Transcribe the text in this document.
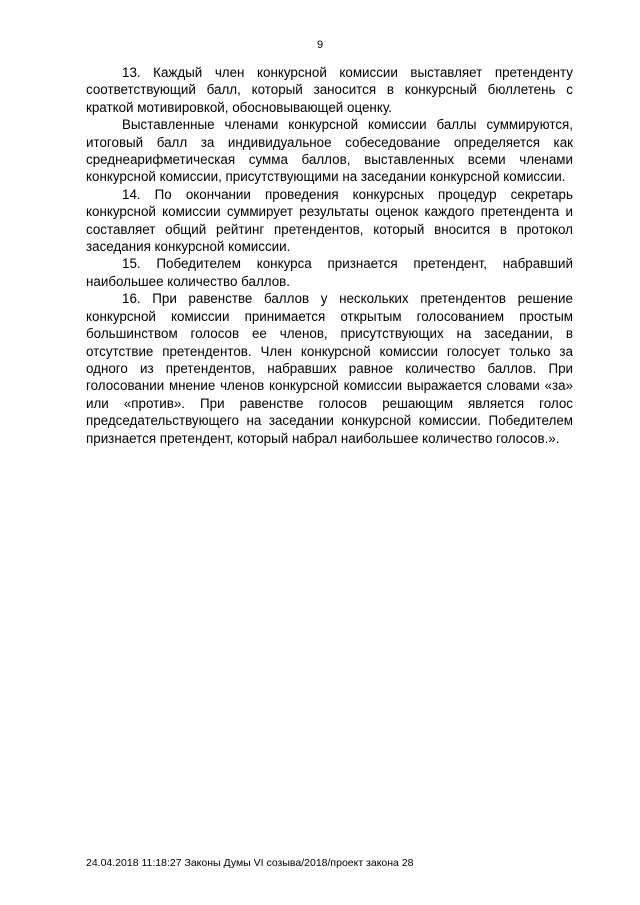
9

13. Каждый член конкурсной комиссии выставляет претенденту соответствующий балл, который заносится в конкурсный бюллетень с краткой мотивировкой, обосновывающей оценку.

Выставленные членами конкурсной комиссии баллы суммируются, итоговый балл за индивидуальное собеседование определяется как среднеарифметическая сумма баллов, выставленных всеми членами конкурсной комиссии, присутствующими на заседании конкурсной комиссии.

14. По окончании проведения конкурсных процедур секретарь конкурсной комиссии суммирует результаты оценок каждого претендента и составляет общий рейтинг претендентов, который вносится в протокол заседания конкурсной комиссии.

15. Победителем конкурса признается претендент, набравший наибольшее количество баллов.

16. При равенстве баллов у нескольких претендентов решение конкурсной комиссии принимается открытым голосованием простым большинством голосов ее членов, присутствующих на заседании, в отсутствие претендентов. Член конкурсной комиссии голосует только за одного из претендентов, набравших равное количество баллов. При голосовании мнение членов конкурсной комиссии выражается словами «за» или «против». При равенстве голосов решающим является голос председательствующего на заседании конкурсной комиссии. Победителем признается претендент, который набрал наибольшее количество голосов.».

24.04.2018 11:18:27 Законы Думы VI созыва/2018/проект закона 28
